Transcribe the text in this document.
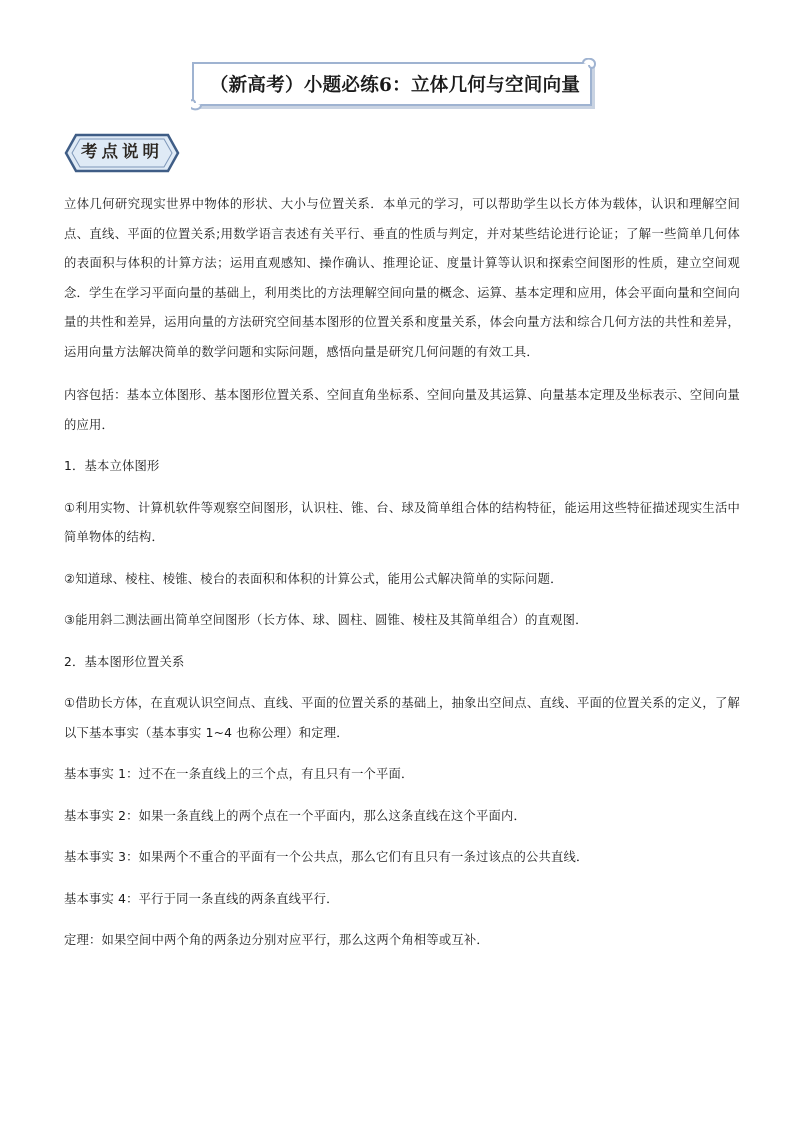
（新高考）小题必练6：立体几何与空间向量
考点说明

立体几何研究现实世界中物体的形状、大小与位置关系．本单元的学习，可以帮助学生以长方体为载体，认识和理解空间点、直线、平面的位置关系;用数学语言表述有关平行、垂直的性质与判定，并对某些结论进行论证；了解一些简单几何体的表面积与体积的计算方法；运用直观感知、操作确认、推理论证、度量计算等认识和探索空间图形的性质，建立空间观念．学生在学习平面向量的基础上，利用类比的方法理解空间向量的概念、运算、基本定理和应用，体会平面向量和空间向量的共性和差异，运用向量的方法研究空间基本图形的位置关系和度量关系，体会向量方法和综合几何方法的共性和差异，运用向量方法解决简单的数学问题和实际问题，感悟向量是研究几何问题的有效工具．

内容包括：基本立体图形、基本图形位置关系、空间直角坐标系、空间向量及其运算、向量基本定理及坐标表示、空间向量的应用．

1．基本立体图形

①利用实物、计算机软件等观察空间图形，认识柱、锥、台、球及简单组合体的结构特征，能运用这些特征描述现实生活中简单物体的结构．

②知道球、棱柱、棱锥、棱台的表面积和体积的计算公式，能用公式解决简单的实际问题．

③能用斜二测法画出简单空间图形（长方体、球、圆柱、圆锥、棱柱及其简单组合）的直观图．

2．基本图形位置关系

①借助长方体，在直观认识空间点、直线、平面的位置关系的基础上，抽象出空间点、直线、平面的位置关系的定义，了解以下基本事实（基本事实 1~4 也称公理）和定理．

基本事实 1：过不在一条直线上的三个点，有且只有一个平面．

基本事实 2：如果一条直线上的两个点在一个平面内，那么这条直线在这个平面内．

基本事实 3：如果两个不重合的平面有一个公共点，那么它们有且只有一条过该点的公共直线．

基本事实 4：平行于同一条直线的两条直线平行．

定理：如果空间中两个角的两条边分别对应平行，那么这两个角相等或互补．
